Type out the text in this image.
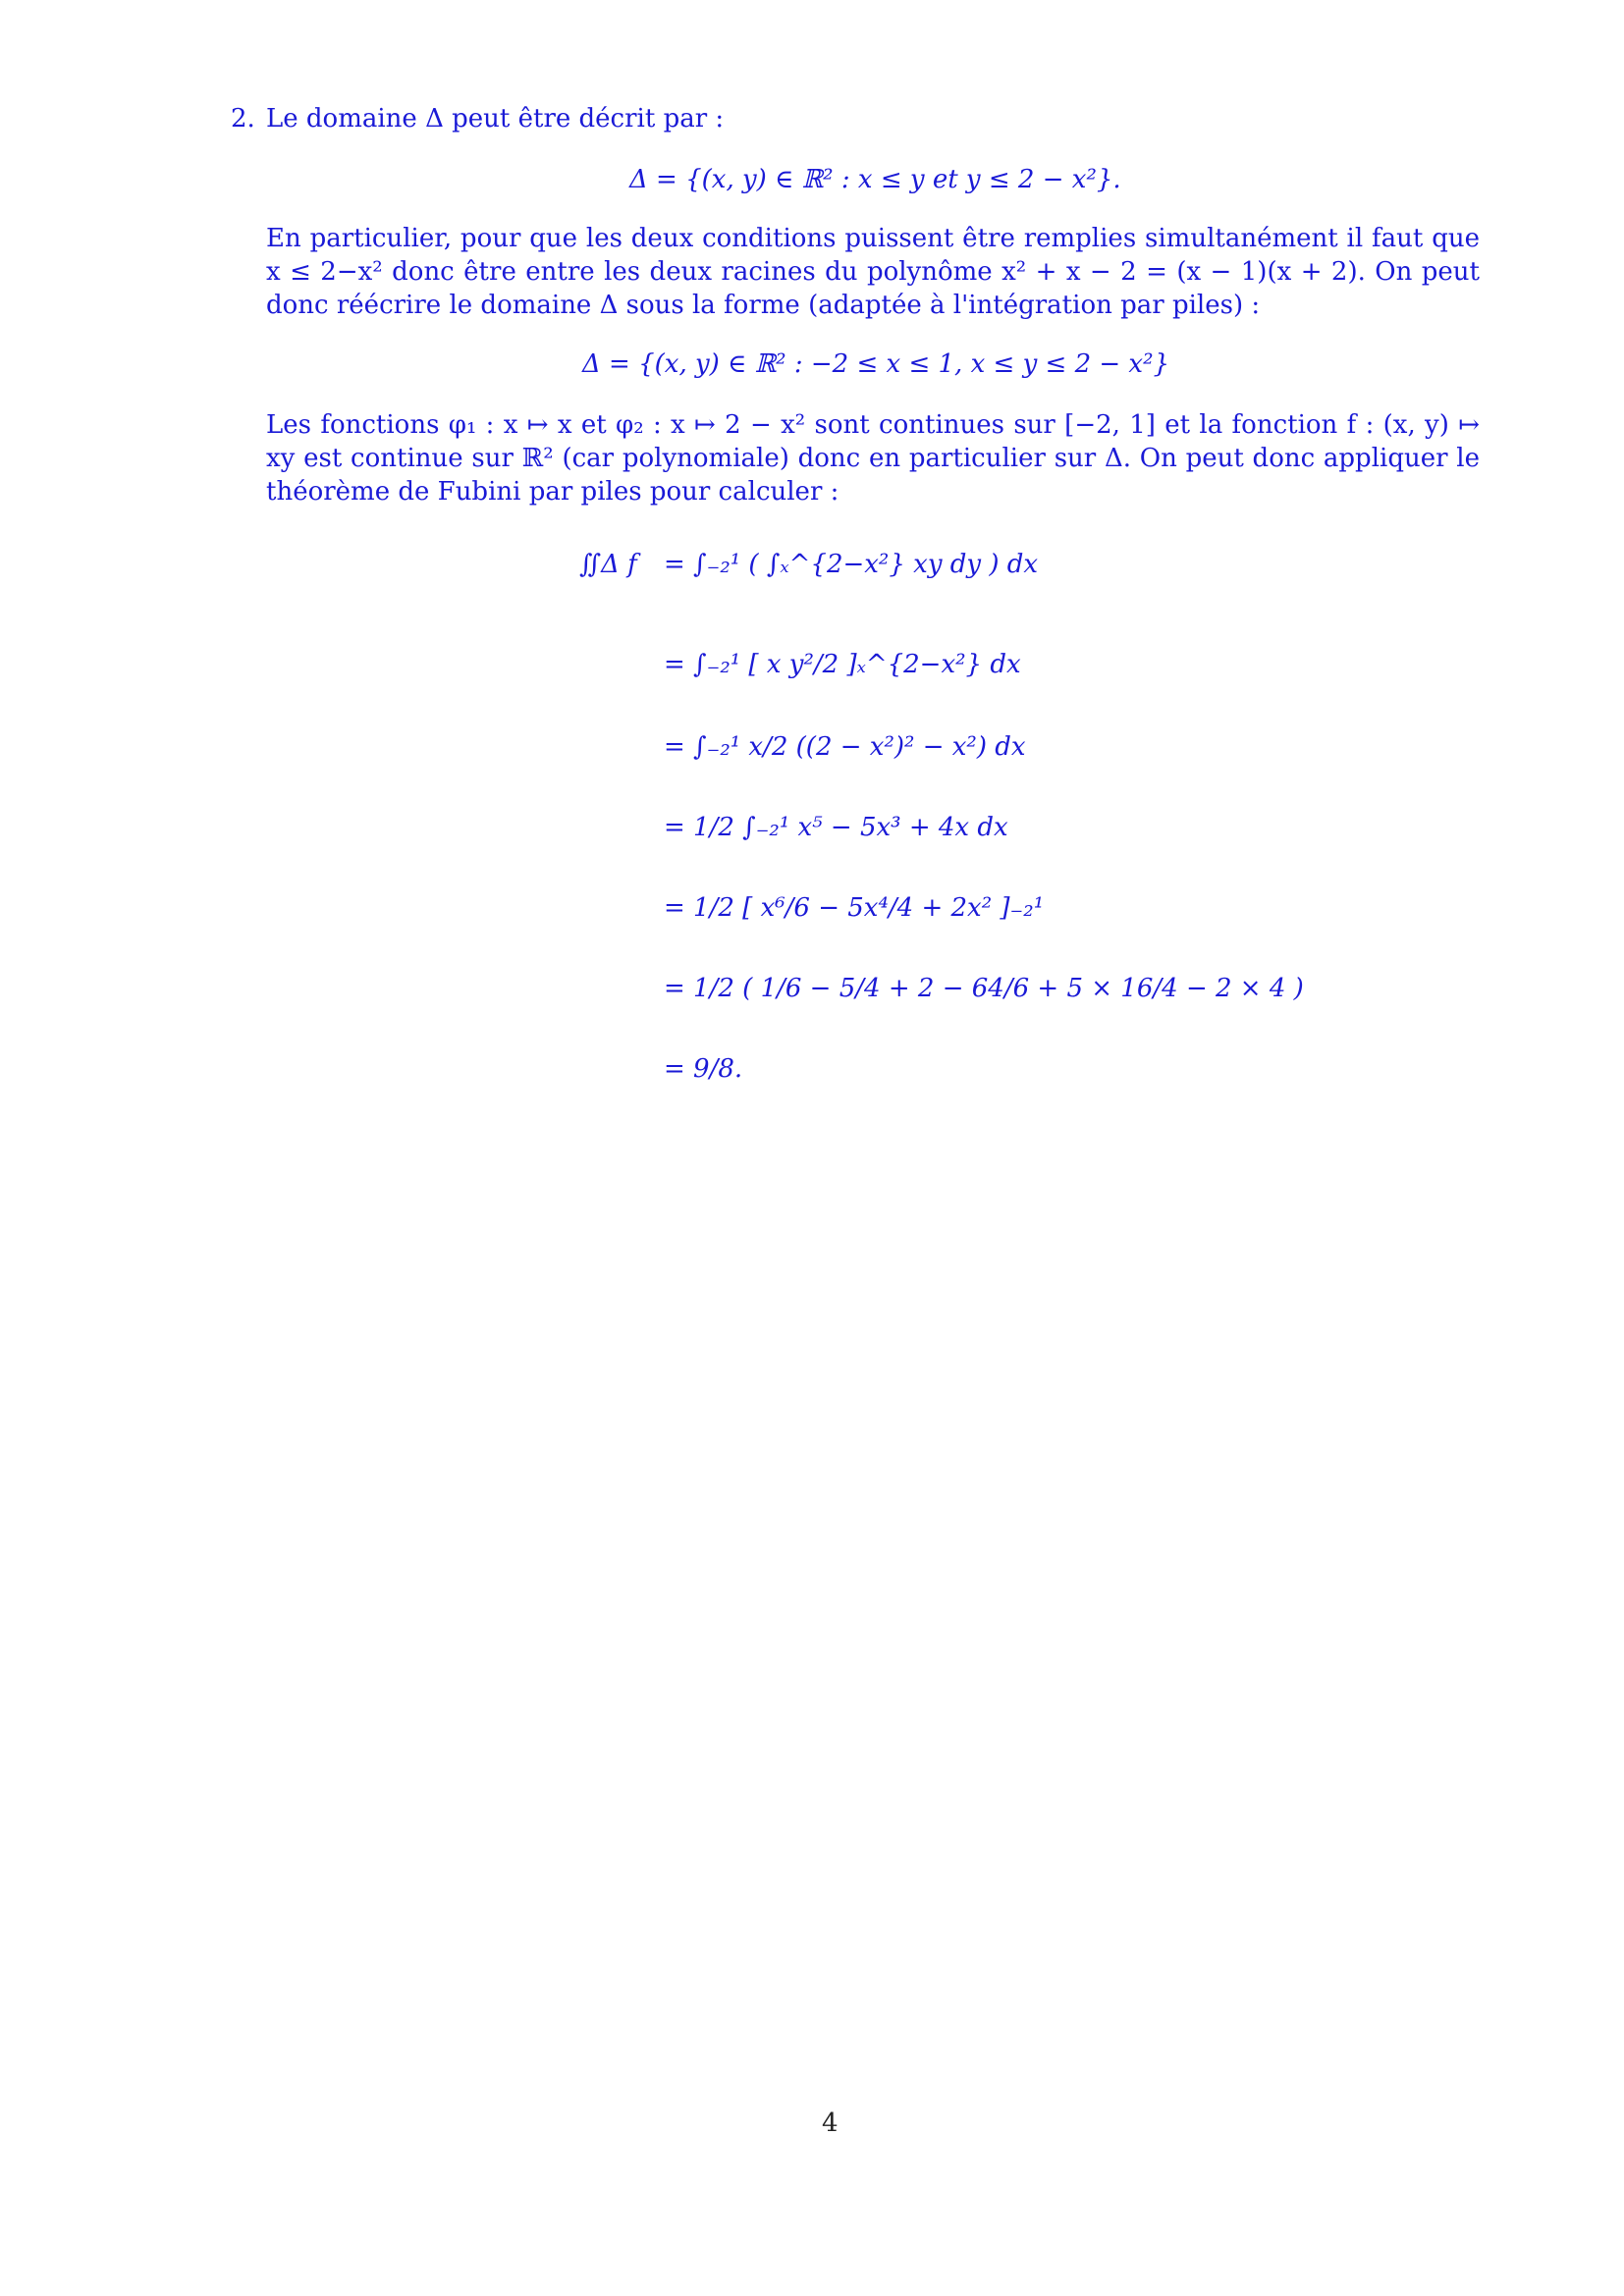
2. Le domaine Δ peut être décrit par :
Δ = {(x, y) ∈ ℝ² : x ≤ y et y ≤ 2 − x²}.
En particulier, pour que les deux conditions puissent être remplies simultanément il faut que x ≤ 2−x² donc être entre les deux racines du polynôme x² + x − 2 = (x − 1)(x + 2). On peut donc réécrire le domaine Δ sous la forme (adaptée à l'intégration par piles) :
Δ = {(x, y) ∈ ℝ² : −2 ≤ x ≤ 1, x ≤ y ≤ 2 − x²}
Les fonctions φ₁ : x ↦ x et φ₂ : x ↦ 2 − x² sont continues sur [−2, 1] et la fonction f : (x, y) ↦ xy est continue sur ℝ² (car polynomiale) donc en particulier sur Δ. On peut donc appliquer le théorème de Fubini par piles pour calculer :
∬Δ f = ∫₋₂¹ ( ∫ₓ^{2−x²} xy dy ) dx
= ∫₋₂¹ [ x y²/2 ]ₓ^{2−x²} dx
= ∫₋₂¹ x/2 ((2 − x²)² − x²) dx
= 1/2 ∫₋₂¹ x⁵ − 5x³ + 4x dx
= 1/2 [ x⁶/6 − 5x⁴/4 + 2x² ]₋₂¹
= 1/2 ( 1/6 − 5/4 + 2 − 64/6 + 5 × 16/4 − 2 × 4 )
= 9/8.
4
